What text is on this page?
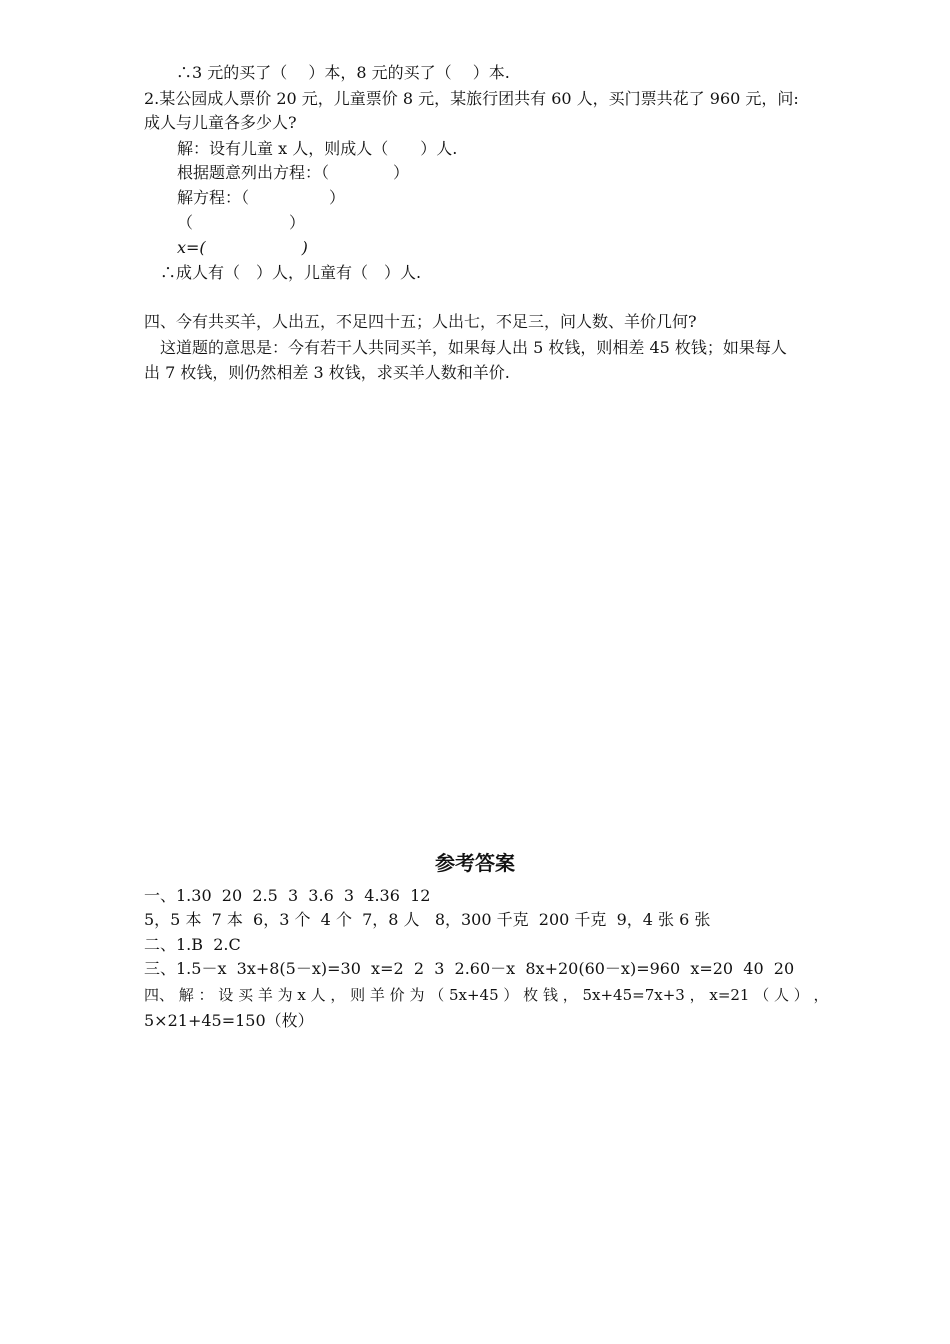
∴3 元的买了（　 ）本，8 元的买了（　 ）本.
2.某公园成人票价 20 元，儿童票价 8 元，某旅行团共有 60 人，买门票共花了 960 元，问:
成人与儿童各多少人?
解：设有儿童 x 人，则成人（　　）人.
根据题意列出方程：（　　　　）
解方程：（　　　　　）
（　　　　　　）
x=(　　　　　　)
∴成人有（　）人，儿童有（　）人.
四、今有共买羊，人出五，不足四十五；人出七，不足三，问人数、羊价几何?
这道题的意思是：今有若干人共同买羊，如果每人出 5 枚钱，则相差 45 枚钱；如果每人
出 7 枚钱，则仍然相差 3 枚钱，求买羊人数和羊价.
参考答案
一、1.30  20  2.5  3  3.6  3  4.36  12
5，5 本  7 本  6，3 个  4 个  7，8 人   8，300 千克  200 千克  9，4 张 6 张
二、1.B  2.C
三、1.5－x  3x+8(5－x)=30  x=2  2  3  2.60－x  8x+20(60－x)=960  x=20  40  20
四、 解 ： 设 买 羊 为 x 人 ， 则 羊 价 为 （ 5x+45 ） 枚 钱 ， 5x+45=7x+3 ， x=21 （ 人 ） ，
5×21+45=150（枚）
